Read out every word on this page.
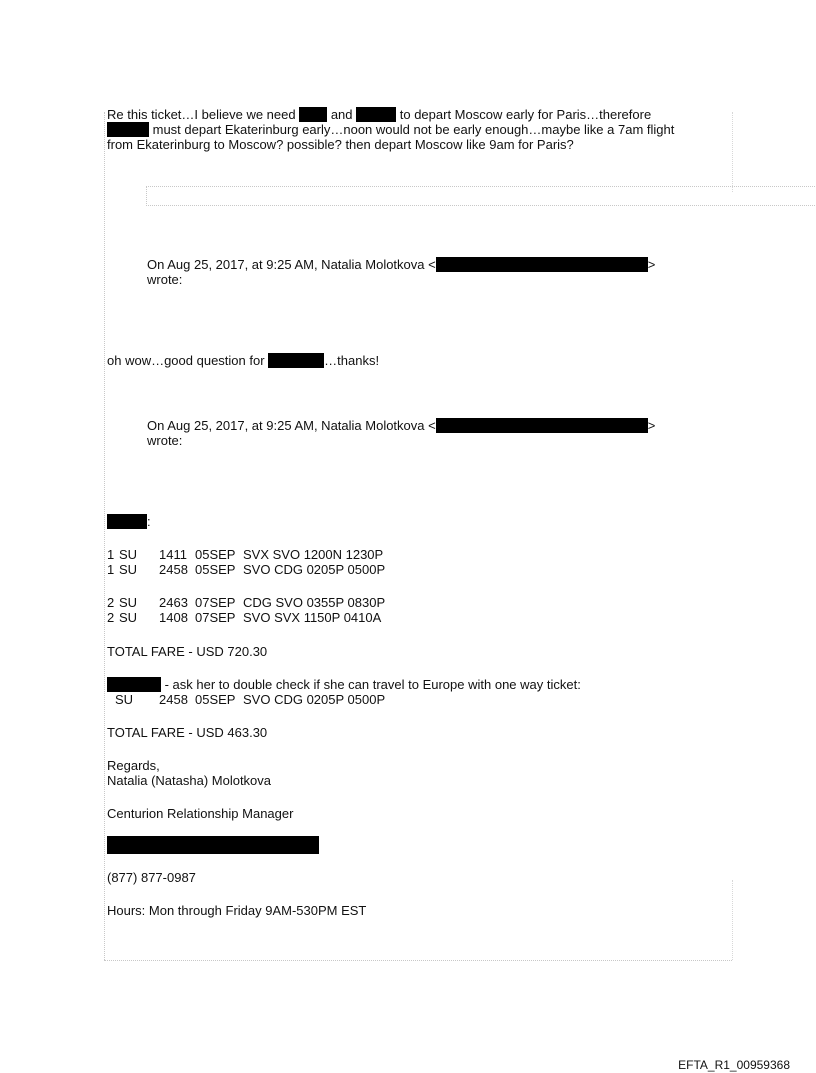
Re this ticket…I believe we need  and	to depart Moscow early for Paris…therefore
must depart Ekaterinburg early…noon would not be early enough…maybe like a 7am flight
from Ekaterinburg to Moscow? possible? then depart Moscow like 9am for Paris?
On Aug 25, 2017, at 9:25 AM, Natalia Molotkova <	>
wrote:
oh wow…good question for	…thanks!
On Aug 25, 2017, at 9:25 AM, Natalia Molotkova <	>
wrote:
:
1 SU 1411 05SEP SVX SVO 1200N 1230P
1 SU 2458 05SEP SVO CDG 0205P 0500P
2 SU 2463 07SEP CDG SVO 0355P 0830P
2 SU 1408 07SEP SVO SVX 1150P 0410A
TOTAL FARE - USD 720.30
- ask her to double check if she can travel to Europe with one way ticket:
SU 2458 05SEP SVO CDG 0205P 0500P
TOTAL FARE - USD 463.30
Regards,
Natalia (Natasha) Molotkova
Centurion Relationship Manager
(877) 877-0987
Hours: Mon through Friday 9AM-530PM EST
EFTA_R1_00959368
